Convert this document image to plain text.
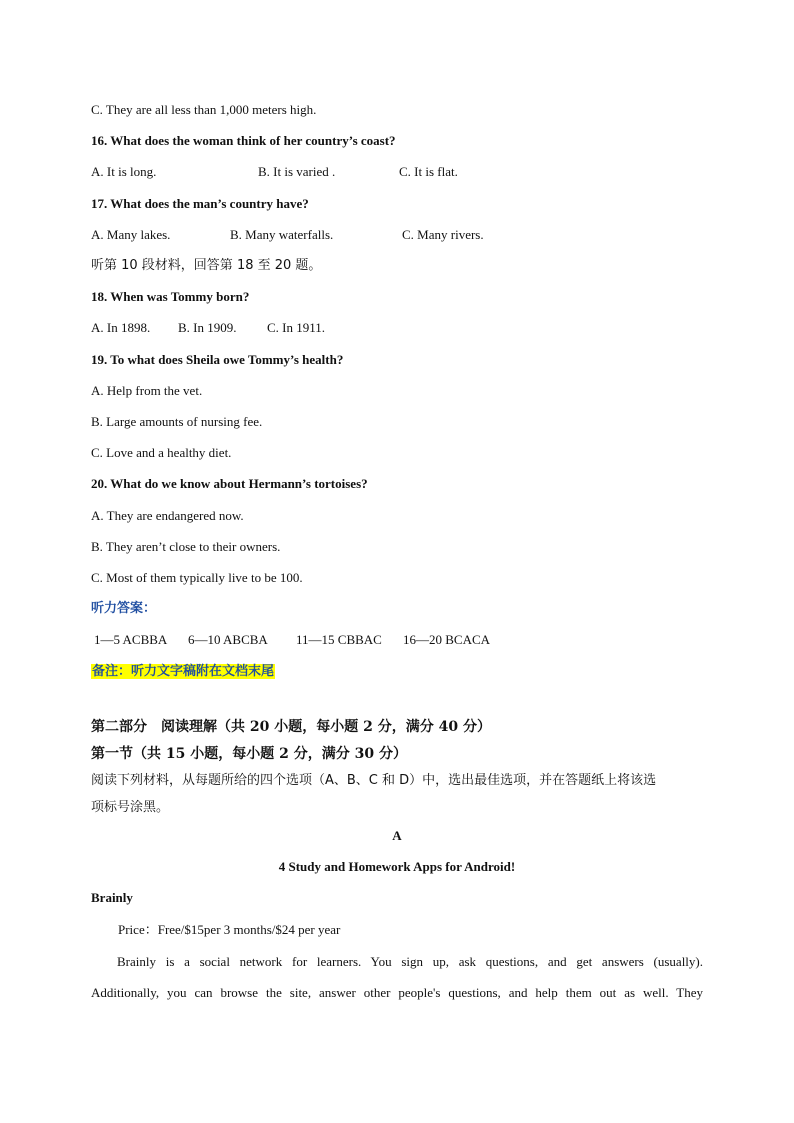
C. They are all less than 1,000 meters high.
16. What does the woman think of her country’s coast?
A. It is long.	B. It is varied .	C. It is flat.
17. What does the man’s country have?
A. Many lakes.	B. Many waterfalls.	C. Many rivers.
听第 10 段材料，回答第 18 至 20 题。
18. When was Tommy born?
A. In 1898. B. In 1909. C. In 1911.
19. To what does Sheila owe Tommy’s health?
A. Help from the vet.
B. Large amounts of nursing fee.
C. Love and a healthy diet.
20. What do we know about Hermann’s tortoises?
A. They are endangered now.
B. They aren’t close to their owners.
C. Most of them typically live to be 100.
听力答案：
1—5 ACBBA 6—10 ABCBA 11—15 CBBAC 16—20 BCACA
备注：听力文字稿附在文档末尾
第二部分　阅读理解（共 20 小题，每小题 2 分，满分 40 分）
第一节（共 15 小题，每小题 2 分，满分 30 分）
阅读下列材料，从每题所给的四个选项（A、B、C 和 D）中，选出最佳选项，并在答题纸上将该选
项标号涂黑。
A
4 Study and Homework Apps for Android!
Brainly
Price：Free/$15per 3 months/$24 per year
Brainly is a social network for learners. You sign up, ask questions, and get answers (usually).
Additionally, you can browse the site, answer other people's questions, and help them out as well. They
